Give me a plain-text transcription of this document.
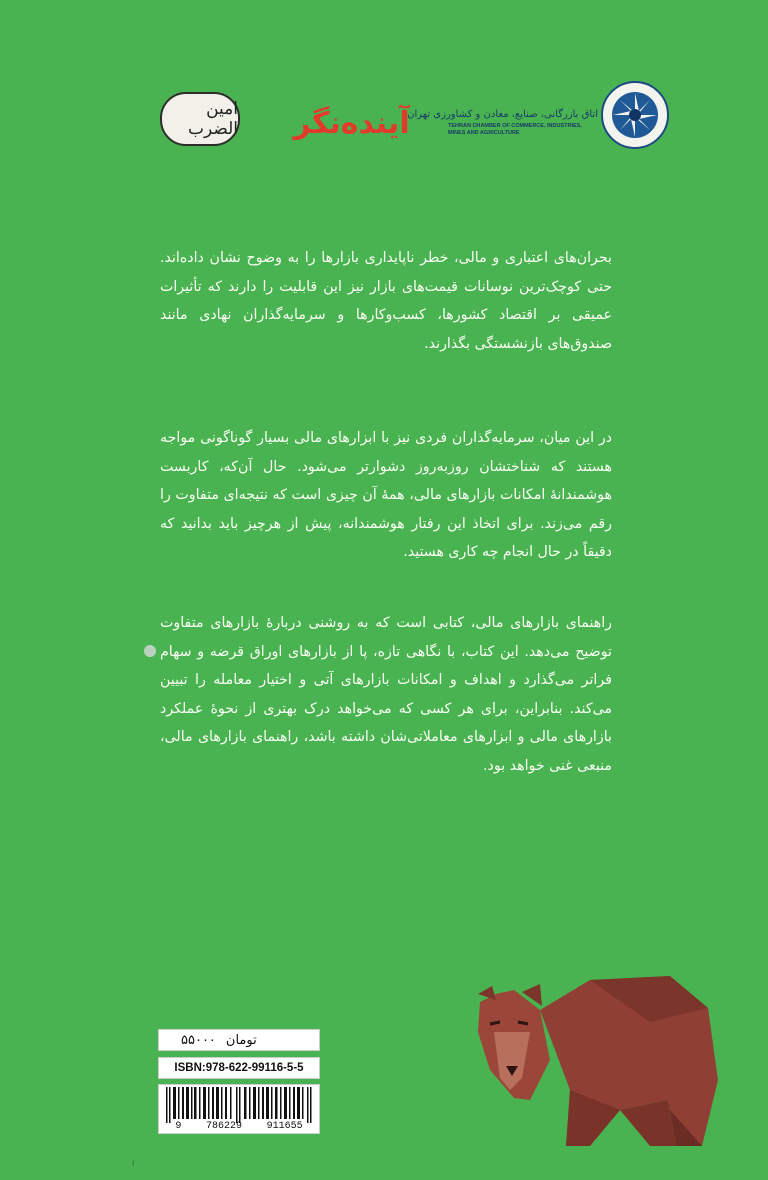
امین الضرب	آینده‌نگر
اتاق بازرگانی، صنایع، معادن و کشاورزی تهران
TEHRAN CHAMBER OF COMMERCE, INDUSTRIES, MINES AND AGRICULTURE
بحران‌های اعتباری و مالی، خطر ناپایداری بازارها را به وضوح نشان داده‌اند. حتی کوچک‌ترین نوسانات قیمت‌های بازار نیز این قابلیت را دارند که تأثیرات عمیقی بر اقتصاد کشورها، کسب‌وکارها و سرمایه‌گذاران نهادی مانند صندوق‌های بازنشستگی بگذارند.
در این میان، سرمایه‌گذاران فردی نیز با ابزارهای مالی بسیار گوناگونی مواجه هستند که شناختشان روزبه‌روز دشوارتر می‌شود. حال آن‌که، کاربست هوشمندانهٔ امکانات بازارهای مالی، همهٔ آن چیزی است که نتیجه‌ای متفاوت را رقم می‌زند. برای اتخاذ این رفتار هوشمندانه، پیش از هرچیز باید بدانید که دقیقاً در حال انجام چه کاری هستید.
راهنمای بازارهای مالی، کتابی است که به روشنی دربارهٔ بازارهای متفاوت توضیح می‌دهد. این کتاب، با نگاهی تازه، پا از بازارهای اوراق قرضه و سهام فراتر می‌گذارد و اهداف و امکانات بازارهای آتی و اختیار معامله را تبیین می‌کند. بنابراین، برای هر کسی که می‌خواهد درک بهتری از نحوهٔ عملکرد بازارهای مالی و ابزارهای معاملاتی‌شان داشته باشد، راهنمای بازارهای مالی، منبعی غنی خواهد بود.
۵۵۰۰۰ تومان
ISBN:978-622-99116-5-5
9 786229 911655
ا
